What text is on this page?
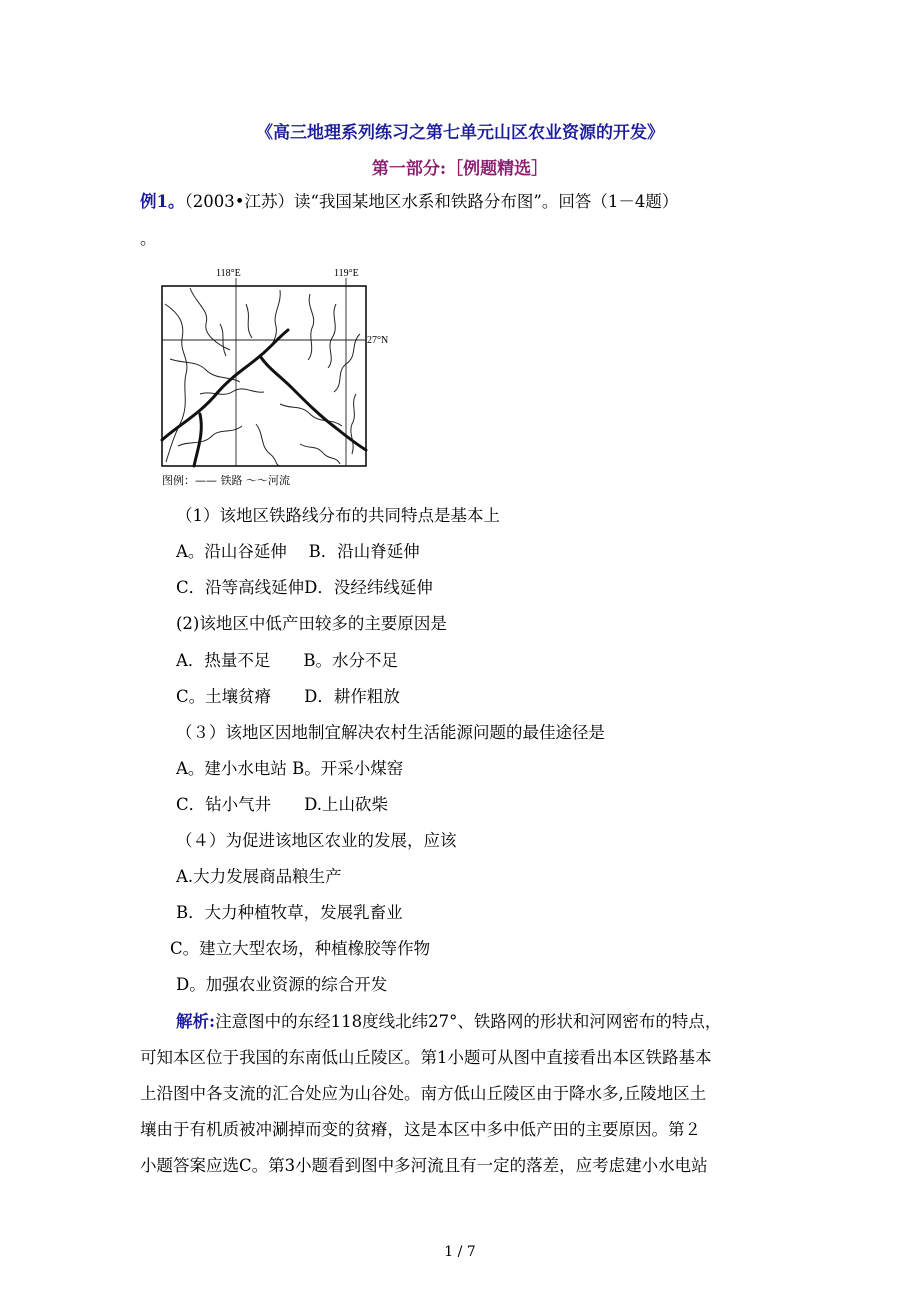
《高三地理系列练习之第七单元山区农业资源的开发》
第一部分:［例题精选］
例1。（2003•江苏）读“我国某地区水系和铁路分布图”。回答（1－4题）
。
118°E	119°E
27°N
图例：—— 铁路 ～～河流
（1）该地区铁路线分布的共同特点是基本上
A。沿山谷延伸　 B．沿山脊延伸
C．沿等高线延伸D．没经纬线延伸
(2)该地区中低产田较多的主要原因是
A．热量不足　　B。水分不足
C。土壤贫瘠　　D．耕作粗放
（３）该地区因地制宜解决农村生活能源问题的最佳途径是
A。建小水电站 B。开采小煤窑
C．钻小气井　　D.上山砍柴
（４）为促进该地区农业的发展，应该
A.大力发展商品粮生产
B．大力种植牧草，发展乳畜业
C。建立大型农场，种植橡胶等作物
D。加强农业资源的综合开发
解析:注意图中的东经118度线北纬27°、铁路网的形状和河网密布的特点，
可知本区位于我国的东南低山丘陵区。第1小题可从图中直接看出本区铁路基本
上沿图中各支流的汇合处应为山谷处。南方低山丘陵区由于降水多,丘陵地区土
壤由于有机质被冲涮掉而变的贫瘠，这是本区中多中低产田的主要原因。第２
小题答案应选C。第3小题看到图中多河流且有一定的落差，应考虑建小水电站
1 / 7
